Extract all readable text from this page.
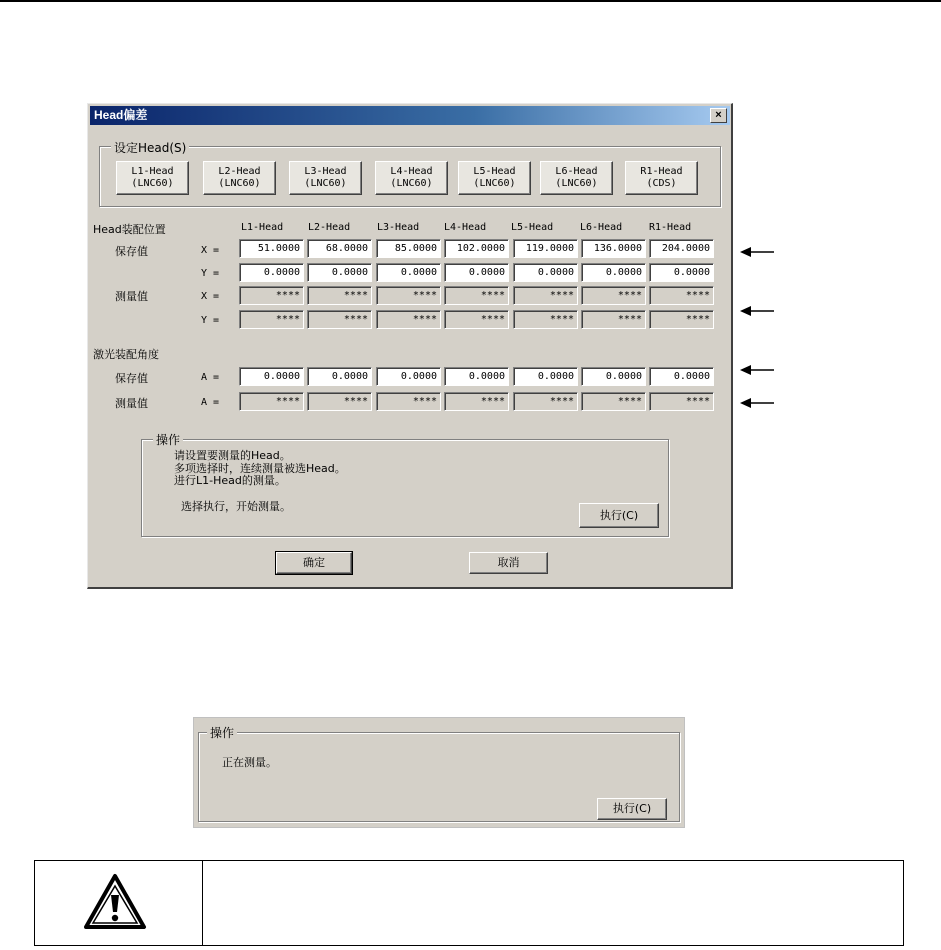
Head偏差	×
设定Head(S)
L1-Head
(LNC60)
L2-Head
(LNC60)
L3-Head
(LNC60)
L4-Head
(LNC60)
L5-Head
(LNC60)
L6-Head
(LNC60)
R1-Head
(CDS)
Head装配位置	L1-Head L2-Head	L3-Head L4-Head L5-Head	L6-Head	R1-Head
保存值	X =	51.0000	68.0000	85.0000	102.0000	119.0000	136.0000	204.0000
Y =	0.0000	0.0000	0.0000	0.0000	0.0000	0.0000	0.0000
测量值	X =	****	****	****	****	****	****	****
Y =	****	****	****	****	****	****	****
激光装配角度
保存值	A =	0.0000	0.0000	0.0000	0.0000	0.0000	0.0000	0.0000
测量值	A =	****	****	****	****	****	****	****
操作
请设置要测量的Head。
多项选择时，连续测量被选Head。
进行L1-Head的测量。
选择执行，开始测量。
执行(C)
确定	取消
操作
正在测量。
执行(C)
